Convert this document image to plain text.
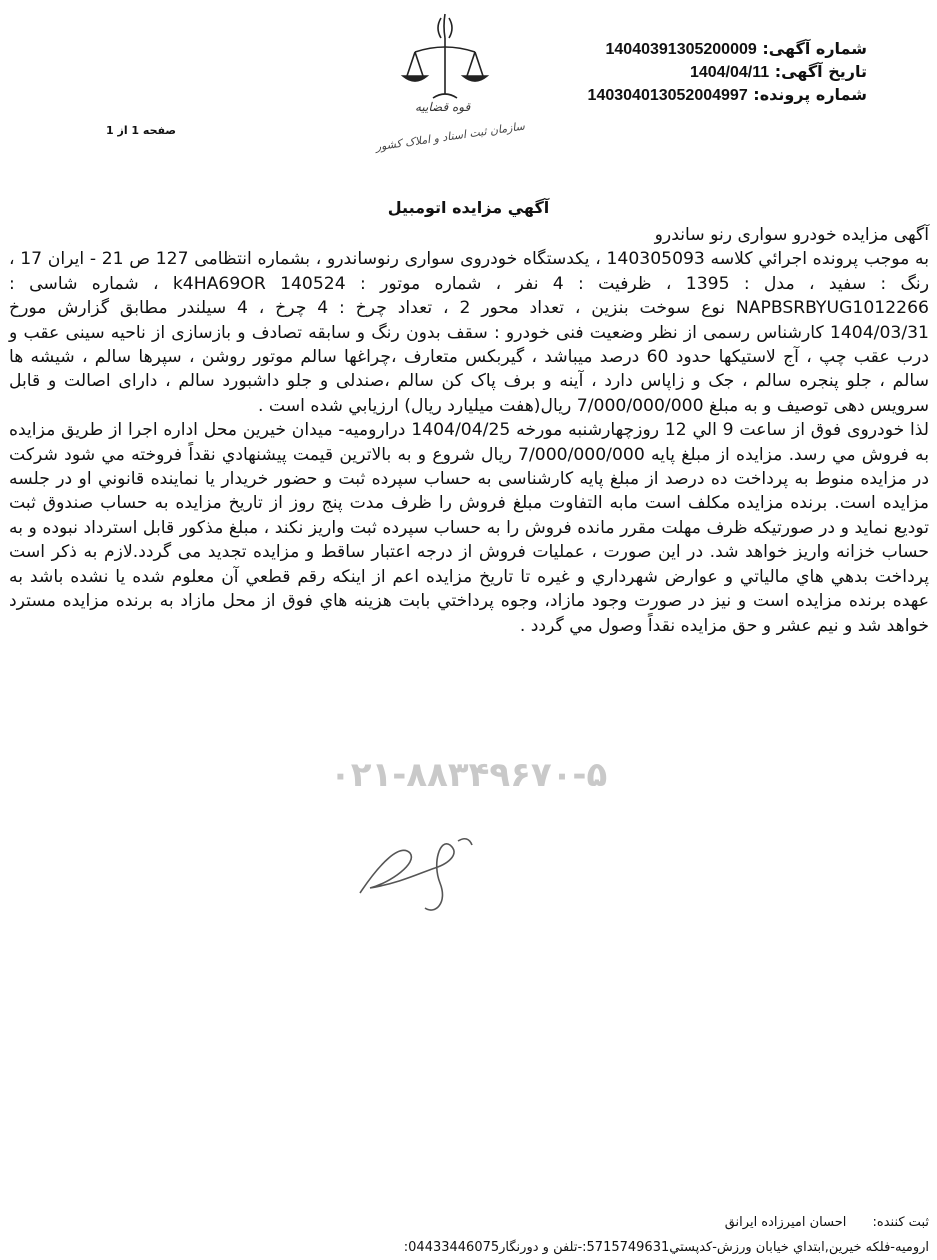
شماره آگهی: 14040391305200009
تاریخ آگهی: 1404/04/11
شماره پرونده: 140304013052004997
صفحه 1 از 1
قوه قضاییه
سازمان ثبت اسناد و املاک کشور
آگهي مزايده اتومبيل

آگهی مزایده خودرو سواری رنو ساندرو

به موجب پرونده اجرائي كلاسه 140305093 ، یکدستگاه خودروی سواری رنوساندرو ، بشماره انتظامی 127 ص 21 - ایران 17 ، رنگ : سفید ، مدل : 1395 ، ظرفیت : 4 نفر ، شماره موتور : k4HA69OR 140524 ، شماره شاسی : NAPBSRBYUG1012266 نوع سوخت بنزین ، تعداد محور 2 ، تعداد چرخ : 4 چرخ ، 4 سیلندر مطابق گزارش مورخ 1404/03/31 کارشناس رسمی از نظر وضعیت فنی خودرو : سقف بدون رنگ و سابقه تصادف و بازسازی از ناحیه سینی عقب و درب عقب چپ ، آج لاستیکها حدود 60 درصد میباشد ، گیربکس متعارف ،چراغها سالم موتور روشن ، سپرها سالم ، شیشه ها سالم ، جلو پنجره سالم ، جک و زاپاس دارد ، آینه و برف پاک کن سالم ،صندلی و جلو داشبورد سالم ، دارای اصالت و قابل سرویس دهی توصیف و به مبلغ 7/000/000/000 ريال(هفت میلیارد ريال) ارزيابي شده است .

لذا خودروی فوق از ساعت 9 الي 12 روزچهارشنبه مورخه 1404/04/25 درارومیه- میدان خیرین محل اداره اجرا از طريق مزايده به فروش مي رسد. مزايده از مبلغ پايه 7/000/000/000 ريال شروع و به بالاترين قيمت پيشنهادي نقداً فروخته مي شود شرکت در مزایده منوط به پرداخت ده درصد از مبلغ پایه کارشناسی به حساب سپرده ثبت و حضور خريدار يا نماينده قانوني او در جلسه مزايده است. برنده مزايده مكلف است مابه التفاوت مبلغ فروش را ظرف مدت پنج روز از تاريخ مزايده به حساب صندوق ثبت توديع نمايد و در صورتيكه ظرف مهلت مقرر مانده فروش را به حساب سپرده ثبت واريز نكند ، مبلغ مذكور قابل استرداد نبوده و به حساب خزانه واريز خواهد شد. در اين صورت ، عمليات فروش از درجه اعتبار ساقط و مزايده تجديد مى گردد.لازم به ذكر است پرداخت بدهي هاي مالياتي و عوارض شهرداري و غيره تا تاريخ مزايده اعم از اينكه رقم قطعي آن معلوم شده يا نشده باشد به عهده برنده مزايده است و نيز در صورت وجود مازاد، وجوه پرداختي بابت هزينه هاي فوق از محل مازاد به برنده مزايده مسترد خواهد شد و نيم عشر و حق مزايده نقداً وصول مي گردد .

۰۲۱-۸۸۳۴۹۶۷۰-۵
ثبت کننده: احسان امیرزاده ایرانق
ارومیه-فلکه خیرین,ابتداي خيابان ورزش-كدپستي5715749631:-تلفن و دورنگار04433446075:
